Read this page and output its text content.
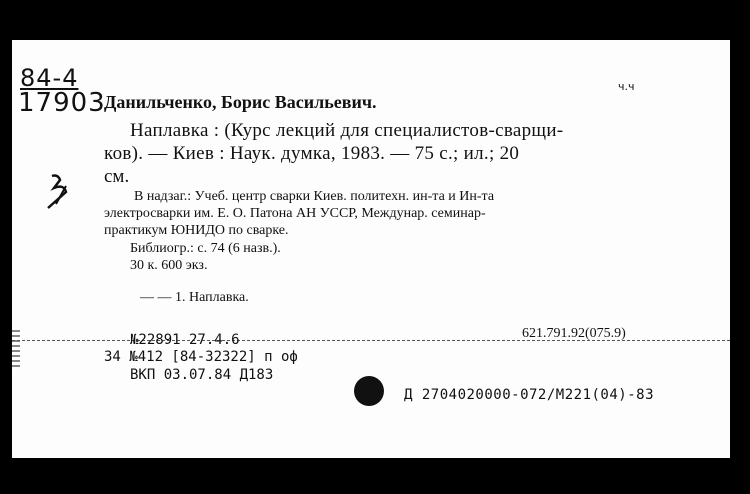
84-4
17903
Данильченко, Борис Васильевич.
Наплавка : (Курс лекций для специалистов-сварщи-
ков). — Киев : Наук. думка, 1983. — 75 с.; ил.; 20
см.
В надзаг.: Учеб. центр сварки Киев. политехн. ин-та и Ин-та
электросварки им. Е. О. Патона АН УССР, Междунар. семинар-
практикум ЮНИДО по сварке.
Библиогр.: с. 74 (6 назв.).
30 к. 600 экз.
— — 1. Наплавка.
621.791.92(075.9)
№22891 27.4.6
34 №412 [84-32322] п оф
ВКП 03.07.84 Д183
Д 2704020000-072/М221(04)-83
ч.ч
